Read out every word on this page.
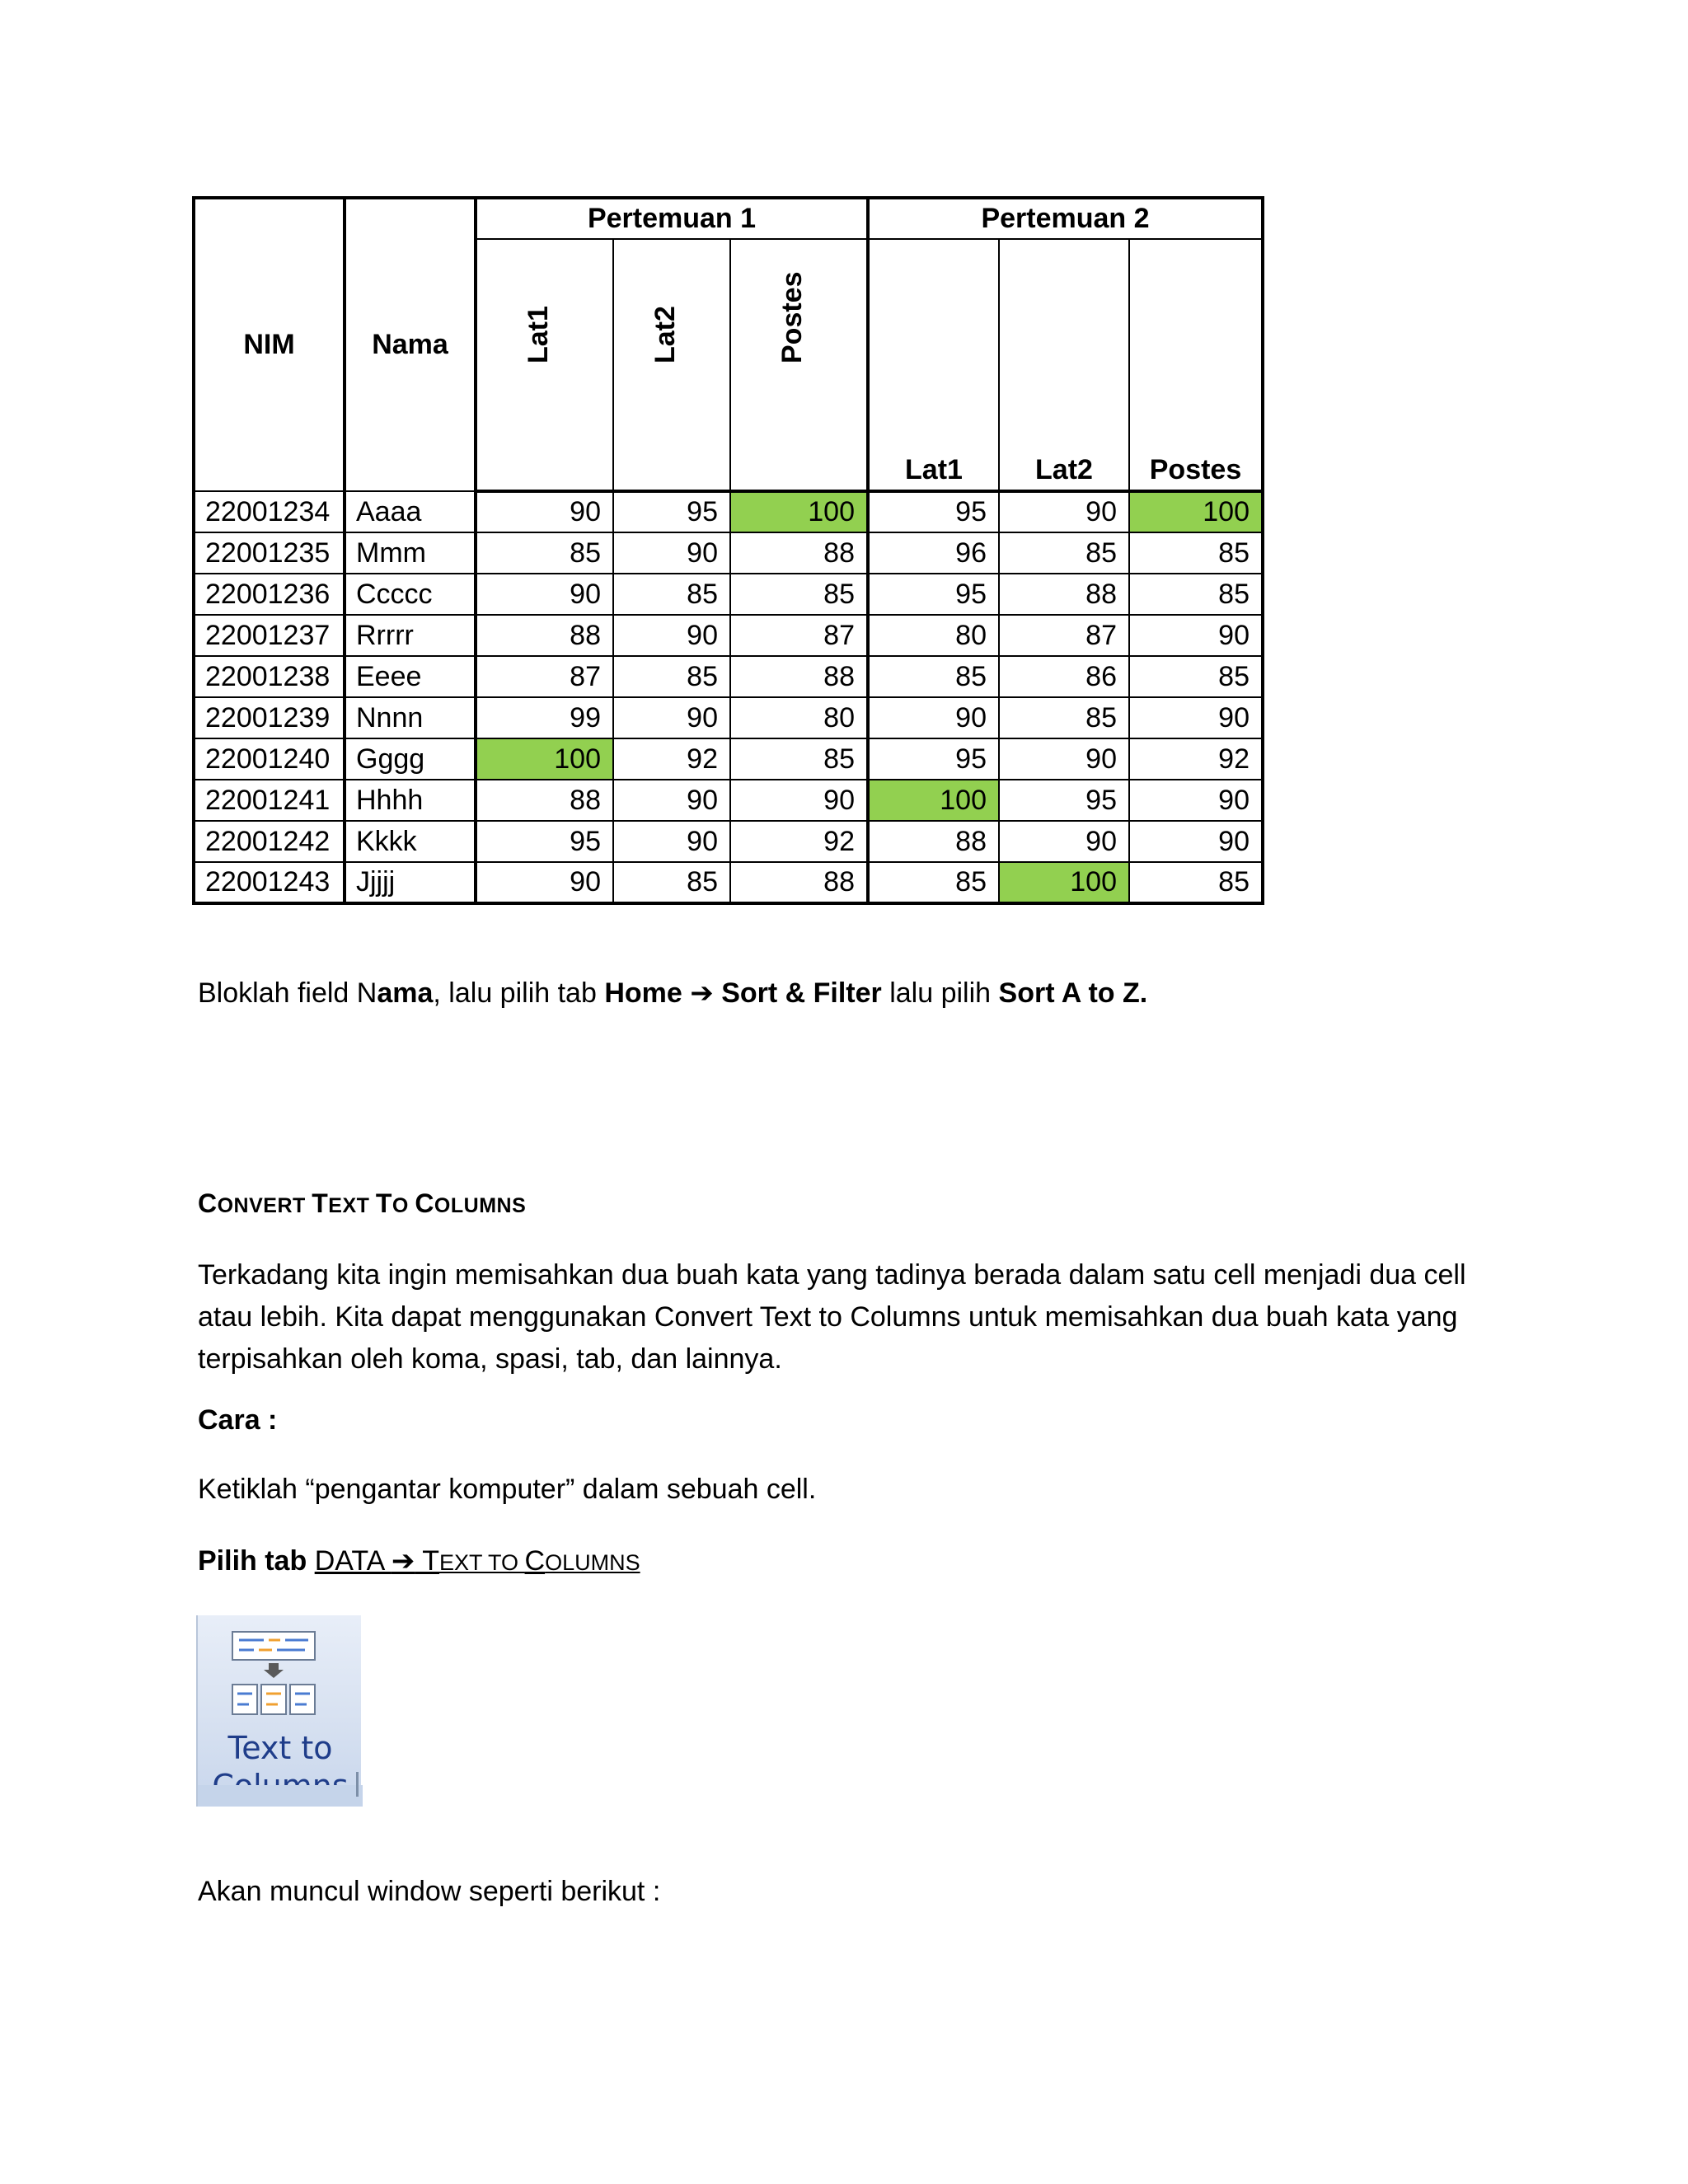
NIM	Nama	Pertemuan 1			Pertemuan 2		

		Lat1	Lat2	Postes	Lat1	Lat2	Postes
22001234	Aaaa	90	95	100	95	90	100
22001235	Mmm	85	90	88	96	85	85
22001236	Ccccc	90	85	85	95	88	85
22001237	Rrrrr	88	90	87	80	87	90
22001238	Eeee	87	85	88	85	86	85
22001239	Nnnn	99	90	80	90	85	90
22001240	Gggg	100	92	85	95	90	92
22001241	Hhhh	88	90	90	100	95	90
22001242	Kkkk	95	90	92	88	90	90
22001243	Jjjjj	90	85	88	85	100	85
Bloklah field Nama, lalu pilih tab Home ➔ Sort & Filter lalu pilih Sort A to Z.
CONVERT TEXT TO COLUMNS
Terkadang kita ingin memisahkan dua buah kata yang tadinya berada dalam satu cell menjadi dua cell atau lebih. Kita dapat menggunakan Convert Text to Columns untuk memisahkan dua buah kata yang terpisahkan oleh koma, spasi, tab, dan lainnya.
Cara :
Ketiklah “pengantar komputer” dalam sebuah cell.
Pilih tab DATA ➔ TEXT TO COLUMNS
Text to
Akan muncul window seperti berikut :
